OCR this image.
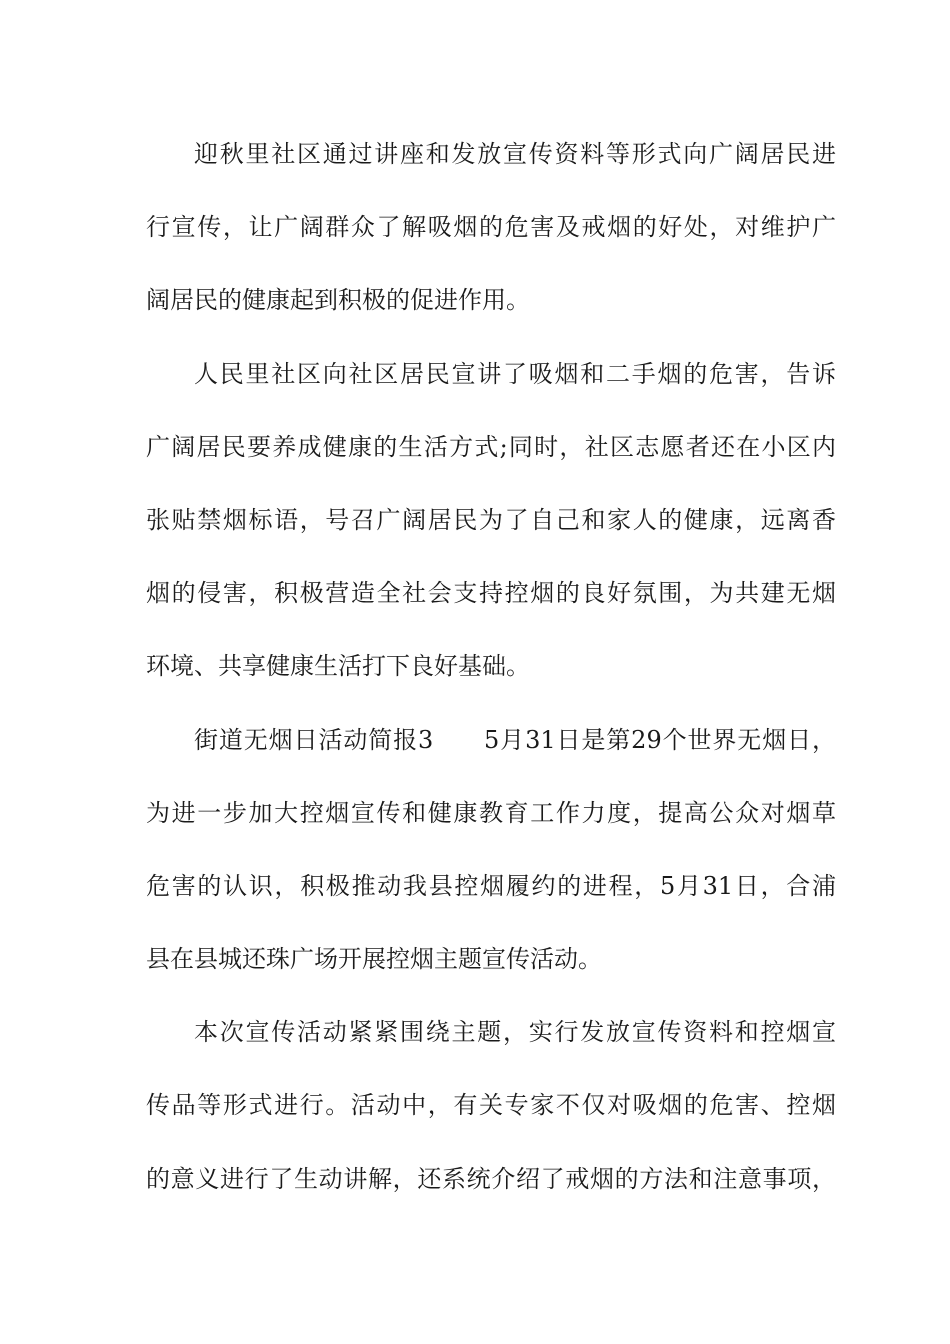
迎秋里社区通过讲座和发放宣传资料等形式向广阔居民进
行宣传，让广阔群众了解吸烟的危害及戒烟的好处，对维护广
阔居民的健康起到积极的促进作用。
人民里社区向社区居民宣讲了吸烟和二手烟的危害，告诉
广阔居民要养成健康的生活方式;同时，社区志愿者还在小区内
张贴禁烟标语，号召广阔居民为了自己和家人的健康，远离香
烟的侵害，积极营造全社会支持控烟的良好氛围，为共建无烟
环境、共享健康生活打下良好基础。
街道无烟日活动简报3　　5月31日是第29个世界无烟日，
为进一步加大控烟宣传和健康教育工作力度，提高公众对烟草
危害的认识，积极推动我县控烟履约的进程，5月31日，合浦
县在县城还珠广场开展控烟主题宣传活动。
本次宣传活动紧紧围绕主题，实行发放宣传资料和控烟宣
传品等形式进行。活动中，有关专家不仅对吸烟的危害、控烟
的意义进行了生动讲解，还系统介绍了戒烟的方法和注意事项，
